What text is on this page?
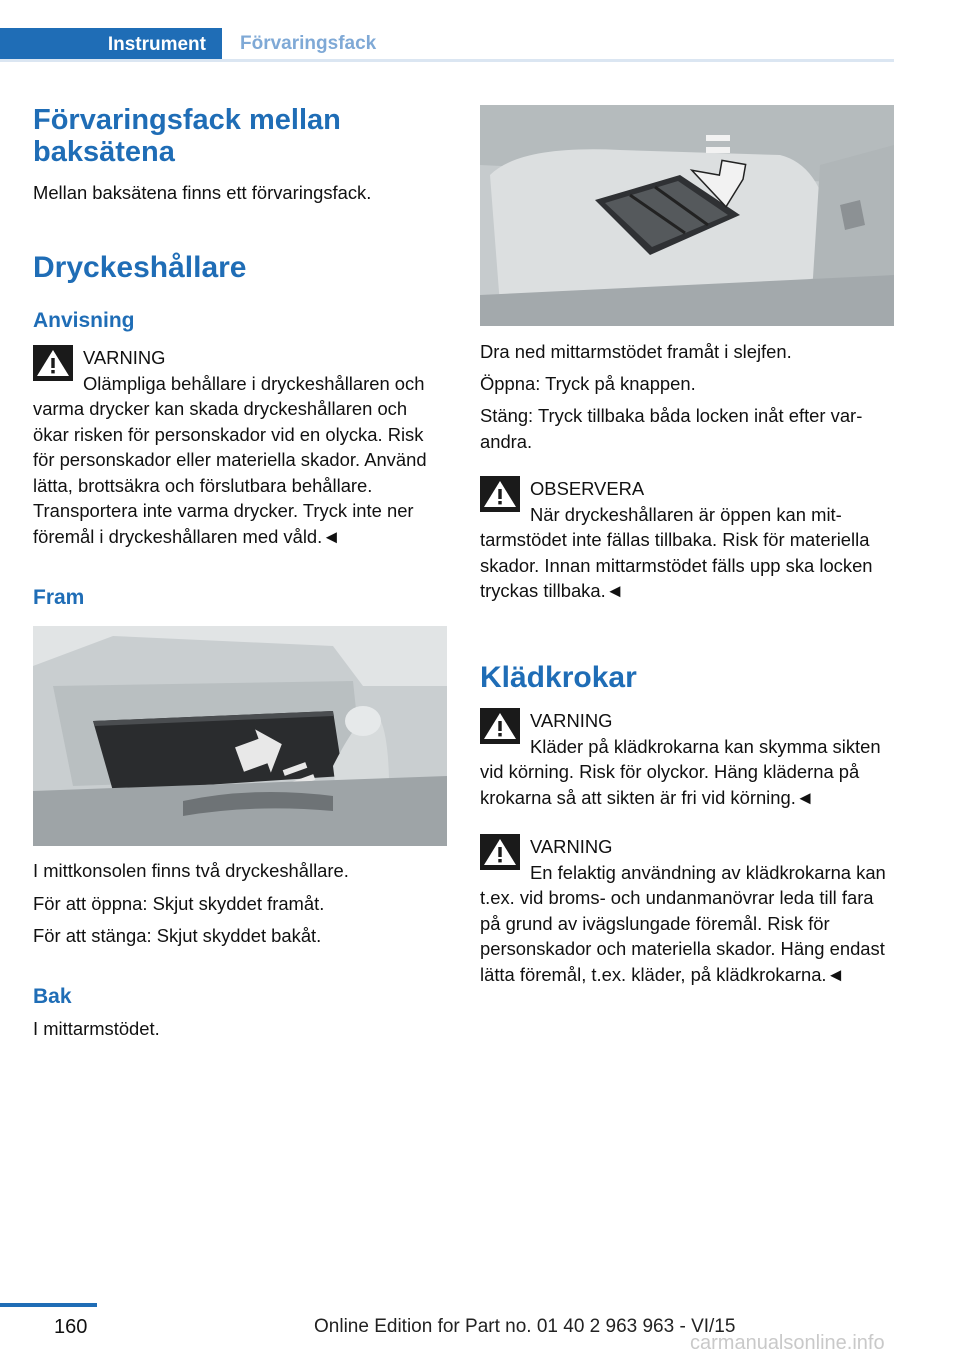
Instrument	Förvaringsfack
Förvaringsfack mellan baksätena

Mellan baksätena finns ett förvaringsfack.

Dryckeshållare
Anvisning
VARNING
Olämpliga behållare i dryckeshållaren och varma drycker kan skada dryckeshållaren och ökar risken för personskador vid en olycka. Risk för personskador eller materiella skador. Använd lätta, brottsäkra och förslutbara behållare. Transportera inte varma drycker. Tryck inte ner föremål i dryckeshållaren med våld.◄
Fram

I mittkonsolen finns två dryckeshållare.

För att öppna: Skjut skyddet framåt.

För att stänga: Skjut skyddet bakåt.

Bak

I mittarmstödet.

Dra ned mittarmstödet framåt i slejfen.

Öppna: Tryck på knappen.

Stäng: Tryck tillbaka båda locken inåt efter varandra.

OBSERVERA
När dryckeshållaren är öppen kan mittarmstödet inte fällas tillbaka. Risk för materiella skador. Innan mittarmstödet fälls upp ska locken tryckas tillbaka.◄
Klädkrokar
VARNING
Kläder på klädkrokarna kan skymma sikten vid körning. Risk för olyckor. Häng kläderna på krokarna så att sikten är fri vid körning.◄
VARNING
En felaktig användning av klädkrokarna kan t.ex. vid broms- och undanmanövrar leda till fara på grund av ivägslungade föremål. Risk för personskador och materiella skador. Häng endast lätta föremål, t.ex. kläder, på klädkrokarna.◄
160	Online Edition for Part no. 01 40 2 963 963 - VI/15
carmanualsonline.info
